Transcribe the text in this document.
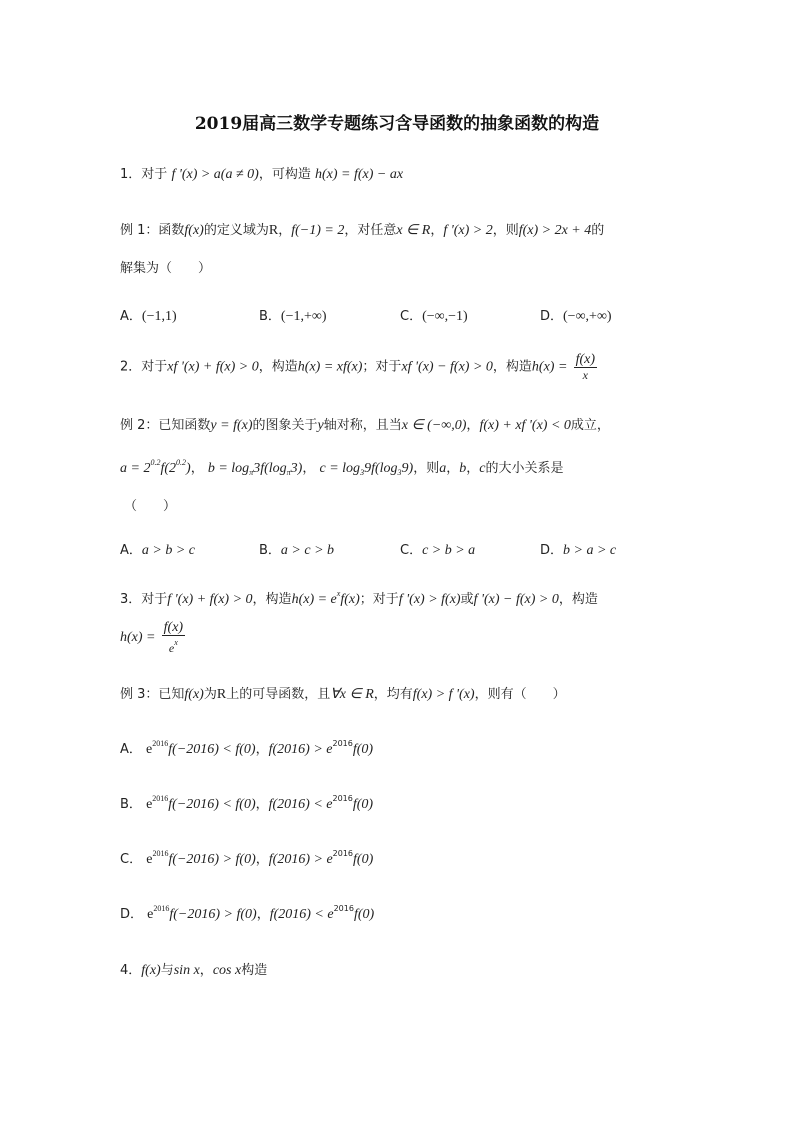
2019届高三数学专题练习含导函数的抽象函数的构造
1．对于 f '(x) > a(a ≠ 0)，可构造 h(x) = f(x) − ax
例 1：函数f(x)的定义域为R，f(−1) = 2，对任意x ∈ R，f '(x) > 2，则f(x) > 2x + 4的
解集为（　　）
A．(−1,1)	B．(−1,+∞)	C．(−∞,−1)	D．(−∞,+∞)
2．对于xf '(x) + f(x) > 0，构造h(x) = xf(x)；对于xf '(x) − f(x) > 0，构造$h(x) = \frac{f(x)}{x}$
例 2：已知函数y = f(x)的图象关于y轴对称，且当x ∈ (−∞,0)，f(x) + xf '(x) < 0成立，
$a = 2^{0.2}f(2^{0.2})$， $b = \log_\pi 3f(\log_\pi 3)$， $c = \log_39f(\log_39)$，则a，b，c的大小关系是
（　　）
A．a > b > c	B．a > c > b	C．c > b > a	D．b > a > c
3．对于f '(x) + f(x) > 0，构造$h(x) = e^xf(x)$；对于f '(x) > f(x)或f '(x) − f(x) > 0，构造
$h(x) = \frac{f(x)}{e^x}$
例 3：已知f(x)为R上的可导函数，且∀x ∈ R，均有f(x) > f '(x)，则有（　　）
A． $e^{2016}f(-2016) < f(0)$，$f(2016) > e^{2016}f(0)$
B． $e^{2016}f(-2016) < f(0)$，$f(2016) < e^{2016}f(0)$
C． $e^{2016}f(-2016) > f(0)$，$f(2016) > e^{2016}f(0)$
D． $e^{2016}f(-2016) > f(0)$，$f(2016) < e^{2016}f(0)$
4．f(x)与sin x，cos x构造
